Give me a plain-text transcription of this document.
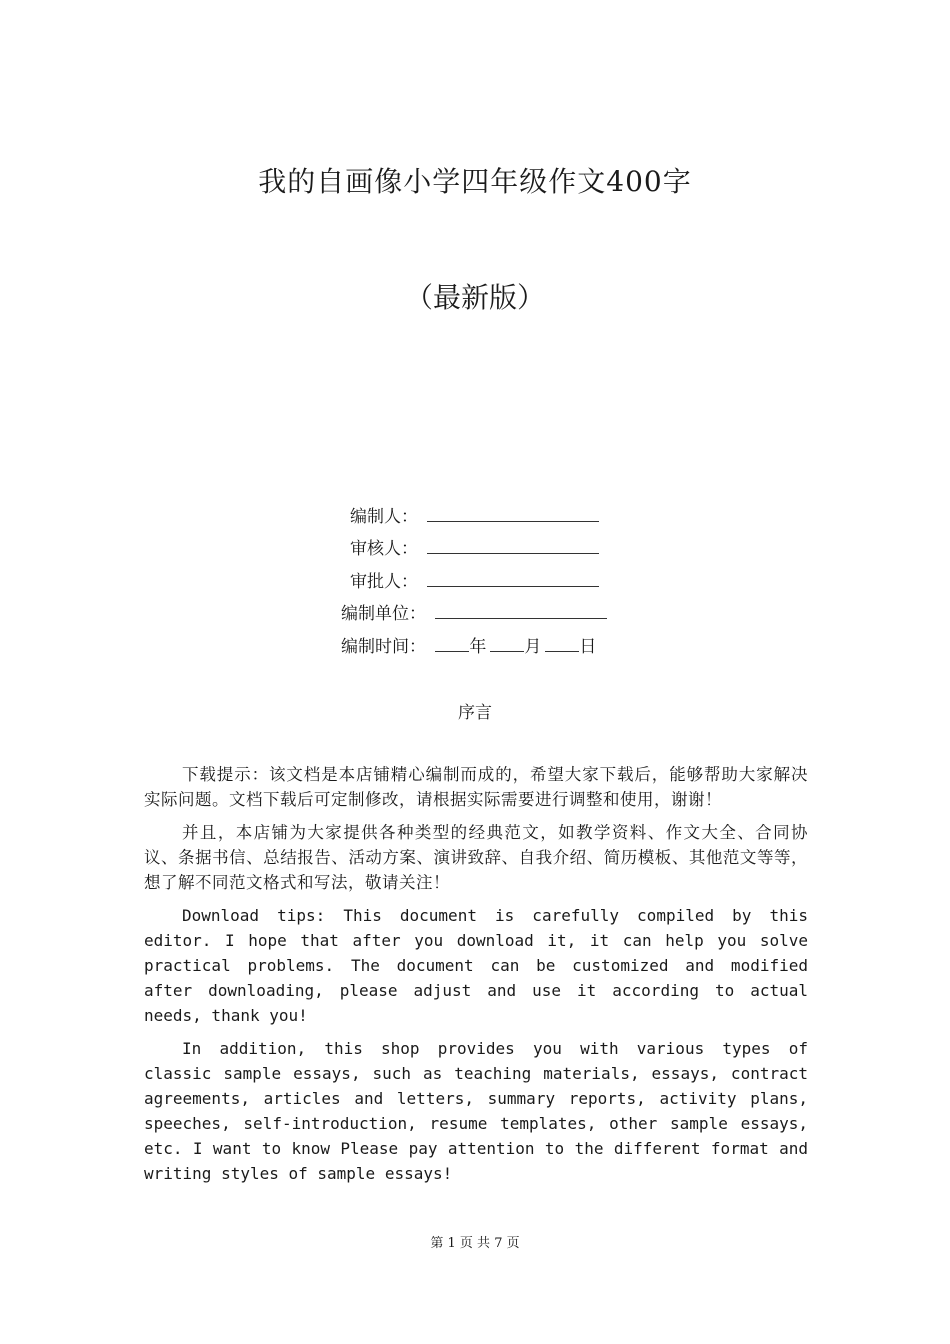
我的自画像小学四年级作文400字
（最新版）
编制人：
审核人：
审批人：
编制单位：
编制时间：	年 月 日
序言

下载提示：该文档是本店铺精心编制而成的，希望大家下载后，能够帮助大家解决实际问题。文档下载后可定制修改，请根据实际需要进行调整和使用，谢谢！

并且，本店铺为大家提供各种类型的经典范文，如教学资料、作文大全、合同协议、条据书信、总结报告、活动方案、演讲致辞、自我介绍、简历模板、其他范文等等，想了解不同范文格式和写法，敬请关注！

Download tips: This document is carefully compiled by this editor. I hope that after you download it, it can help you solve practical problems. The document can be customized and modified after downloading, please adjust and use it according to actual needs, thank you!

In addition, this shop provides you with various types of classic sample essays, such as teaching materials, essays, contract agreements, articles and letters, summary reports, activity plans, speeches, self-introduction, resume templates, other sample essays, etc. I want to know Please pay attention to the different format and writing styles of sample essays!

第 1 页 共 7 页
